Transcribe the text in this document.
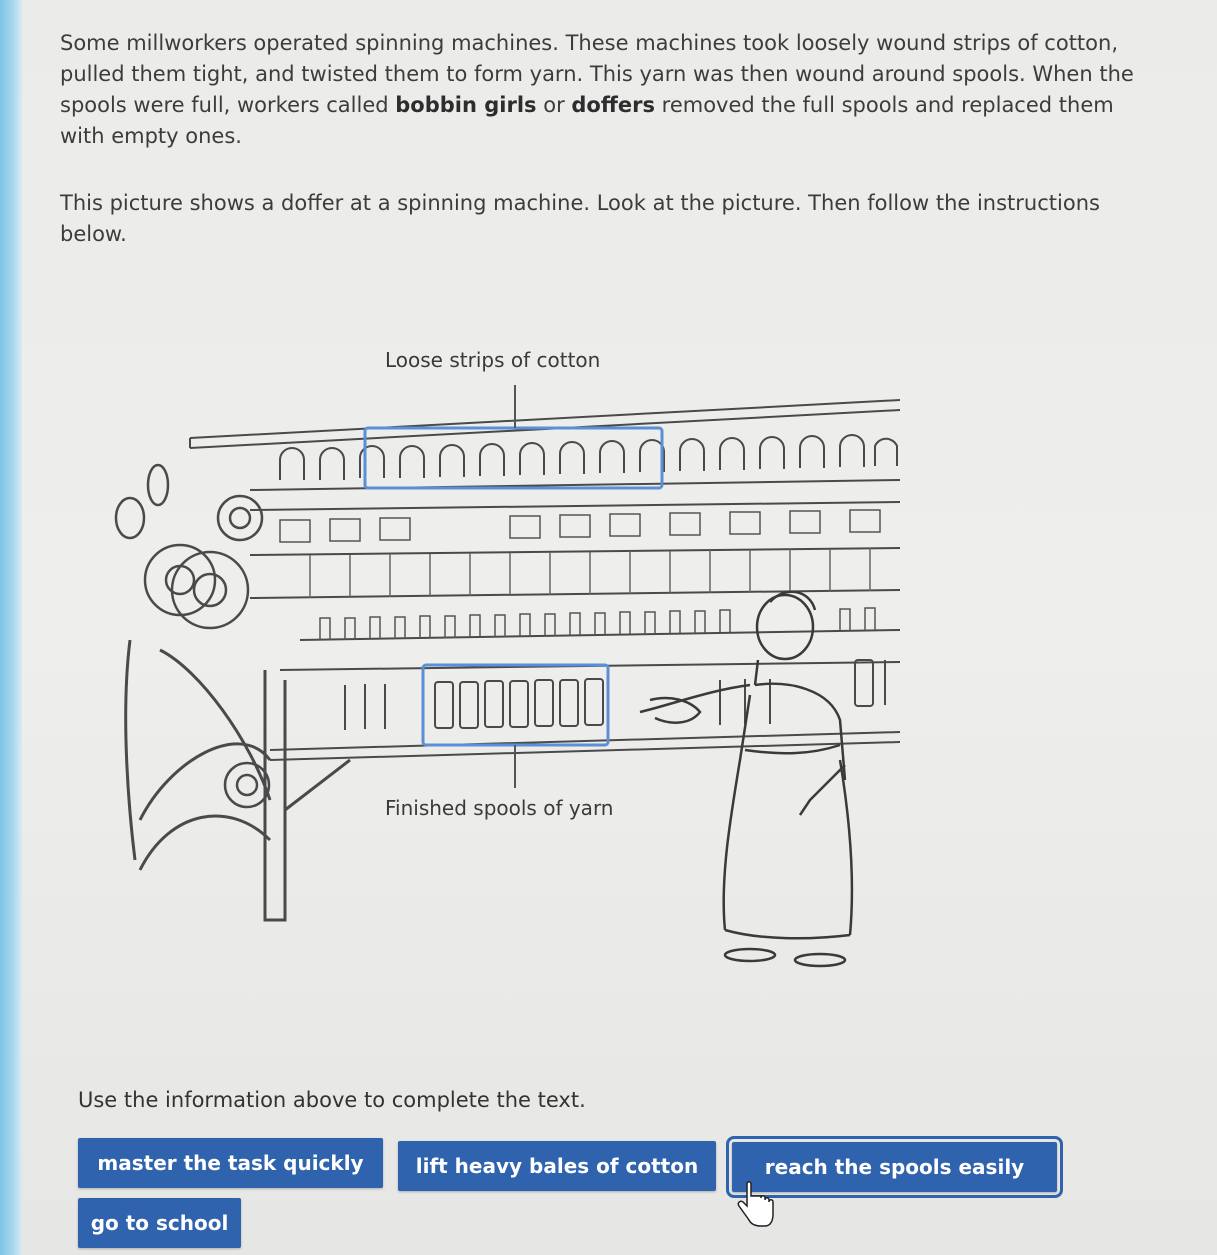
Some millworkers operated spinning machines. These machines took loosely wound strips of cotton, pulled them tight, and twisted them to form yarn. This yarn was then wound around spools. When the spools were full, workers called bobbin girls or doffers removed the full spools and replaced them with empty ones.

This picture shows a doffer at a spinning machine. Look at the picture. Then follow the instructions below.

Loose strips of cotton
Finished spools of yarn
Use the information above to complete the text.
master the task quickly	lift heavy bales of cotton	reach the spools easily
go to school
